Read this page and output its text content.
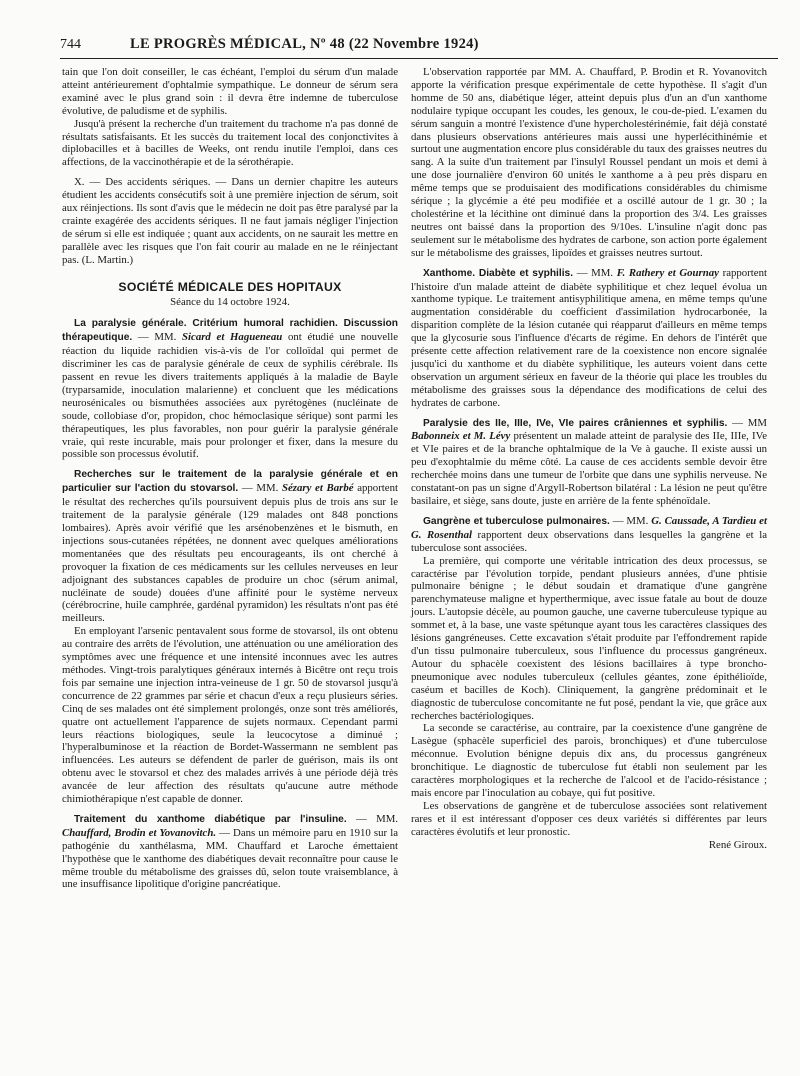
744	LE PROGRÈS MÉDICAL, Nº 48 (22 Novembre 1924)

tain que l'on doit conseiller, le cas échéant, l'emploi du sérum d'un malade atteint antérieurement d'ophtalmie sympathique. Le donneur de sérum sera examiné avec le plus grand soin : il devra être indemne de tuberculose évolutive, de paludisme et de syphilis.

Jusqu'à présent la recherche d'un traitement du trachome n'a pas donné de résultats satisfaisants. Et les succès du traitement local des conjonctivites à diplobacilles et à bacilles de Weeks, ont rendu inutile l'emploi, dans ces affections, de la vaccinothérapie et de la sérothérapie.

X. — Des accidents sériques. — Dans un dernier chapitre les auteurs étudient les accidents consécutifs soit à une première injection de sérum, soit aux réinjections. Ils sont d'avis que le médecin ne doit pas être paralysé par la crainte exagérée des accidents sériques. Il ne faut jamais négliger l'injection de sérum si elle est indiquée ; quant aux accidents, on ne saurait les mettre en parallèle avec les risques que l'on fait courir au malade en ne le réinjectant pas. (L. Martin.)

SOCIÉTÉ MÉDICALE DES HOPITAUX
Séance du 14 octobre 1924.

La paralysie générale. Critérium humoral rachidien. Discussion thérapeutique. — MM. Sicard et Hagueneau ont étudié une nouvelle réaction du liquide rachidien vis-à-vis de l'or colloïdal qui permet de discriminer les cas de paralysie générale de ceux de syphilis cérébrale. Ils passent en revue les divers traitements appliqués à la maladie de Bayle (tryparsamide, inoculation malarienne) et concluent que les médications neurosénicales ou bismuthées associées aux pyrétogènes (nucléinate de soude, collobiase d'or, propidon, choc hémoclasique sérique) sont parmi les thérapeutiques, les plus favorables, non pour guérir la paralysie générale vraie, qui reste incurable, mais pour prolonger et fixer, dans la mesure du possible son processus évolutif.

Recherches sur le traitement de la paralysie générale et en particulier sur l'action du stovarsol. — MM. Sézary et Barbé apportent le résultat des recherches qu'ils poursuivent depuis plus de trois ans sur le traitement de la paralysie générale (129 malades ont 848 ponctions lombaires). Après avoir vérifié que les arsénobenzènes et le bismuth, en injections sous-cutanées répétées, ne donnent avec quelques améliorations momentanées que des résultats peu encourageants, ils ont cherché à provoquer la fixation de ces médicaments sur les cellules nerveuses en leur adjoignant des substances capables de produire un choc (sérum animal, nucléinate de soude) douées d'une affinité pour le système nerveux (cérébrocrine, huile camphrée, gardénal pyramidon) les résultats n'ont pas été meilleurs.

En employant l'arsenic pentavalent sous forme de stovarsol, ils ont obtenu au contraire des arrêts de l'évolution, une atténuation ou une amélioration des symptômes avec une fréquence et une intensité inconnues avec les autres méthodes. Vingt-trois paralytiques généraux internés à Bicêtre ont reçu trois fois par semaine une injection intra-veineuse de 1 gr. 50 de stovarsol jusqu'à concurrence de 22 grammes par série et chacun d'eux a reçu plusieurs séries. Cinq de ses malades ont été simplement prolongés, onze sont très améliorés, quatre ont actuellement l'apparence de sujets normaux. Cependant parmi leurs réactions biologiques, seule la leucocytose a diminué ; l'hyperalbuminose et la réaction de Bordet-Wassermann ne semblent pas influencées. Les auteurs se défendent de parler de guérison, mais ils ont obtenu avec le stovarsol et chez des malades arrivés à une période déjà très avancée de leur affection des résultats qu'aucune autre méthode chimiothérapique n'est capable de donner.

Traitement du xanthome diabétique par l'insuline. — MM. Chauffard, Brodin et Yovanovitch. — Dans un mémoire paru en 1910 sur la pathogénie du xanthélasma, MM. Chauffard et Laroche émettaient l'hypothèse que le xanthome des diabétiques devait reconnaître pour cause le même trouble du métabolisme des graisses dû, selon toute vraisemblance, à une insuffisance lipolitique d'origine pancréatique.

L'observation rapportée par MM. A. Chauffard, P. Brodin et R. Yovanovitch apporte la vérification presque expérimentale de cette hypothèse. Il s'agit d'un homme de 50 ans, diabétique léger, atteint depuis plus d'un an d'un xanthome nodulaire typique occupant les coudes, les genoux, le cou-de-pied. L'examen du sérum sanguin a montré l'existence d'une hypercholestérinémie, fait déjà constaté dans plusieurs observations antérieures mais aussi une hyperlécithinémie et surtout une augmentation encore plus considérable du taux des graisses neutres du sang. A la suite d'un traitement par l'insulyl Roussel pendant un mois et demi à une dose journalière d'environ 60 unités le xanthome a à peu près disparu en même temps que se produisaient des modifications considérables du chimisme sérique ; la glycémie a été peu modifiée et a oscillé autour de 1 gr. 30 ; la cholestérine et la lécithine ont diminué dans la proportion des 3/4. Les graisses neutres ont baissé dans la proportion des 9/10es. L'insuline n'agit donc pas seulement sur le métabolisme des hydrates de carbone, son action porte également sur le métabolisme des graisses, lipoïdes et graisses neutres surtout.

Xanthome. Diabète et syphilis. — MM. F. Rathery et Gournay rapportent l'histoire d'un malade atteint de diabète syphilitique et chez lequel évolua un xanthome typique. Le traitement antisyphilitique amena, en même temps qu'une augmentation considérable du coefficient d'assimilation hydrocarbonée, la disparition complète de la lésion cutanée qui réapparut d'ailleurs en même temps que la glycosurie sous l'influence d'écarts de régime. En dehors de l'intérêt que présente cette affection relativement rare de la coexistence non encore signalée jusqu'ici du xanthome et du diabète syphilitique, les auteurs voient dans cette observation un argument sérieux en faveur de la théorie qui place les troubles du métabolisme des graisses sous la dépendance des modifications de celui des hydrates de carbone.

Paralysie des IIe, IIIe, IVe, VIe paires crâniennes et syphilis. — MM Babonneix et M. Lévy présentent un malade atteint de paralysie des IIe, IIIe, IVe et VIe paires et de la branche ophtalmique de la Ve à gauche. Il existe aussi un peu d'exophtalmie du même côté. La cause de ces accidents semble devoir être recherchée moins dans une tumeur de l'orbite que dans une syphilis nerveuse. Ne constatant-on pas un signe d'Argyll-Robertson bilatéral : La lésion ne peut qu'être basilaire, et siège, sans doute, juste en arrière de la fente sphénoïdale.

Gangrène et tuberculose pulmonaires. — MM. G. Caussade, A Tardieu et G. Rosenthal rapportent deux observations dans lesquelles la gangrène et la tuberculose sont associées.

La première, qui comporte une véritable intrication des deux processus, se caractérise par l'évolution torpide, pendant plusieurs années, d'une phtisie pulmonaire bénigne ; le début soudain et dramatique d'une gangrène parenchymateuse maligne et hyperthermique, avec issue fatale au bout de douze jours. L'autopsie décèle, au poumon gauche, une caverne tuberculeuse typique au sommet et, à la base, une vaste spétunque ayant tous les caractères classiques des lésions gangréneuses. Cette excavation s'était produite par l'effondrement rapide d'un tissu pulmonaire tuberculeux, sous l'influence du processus gangréneux. Autour du sphacèle coexistent des lésions bacillaires à type broncho-pneumonique avec nodules tuberculeux (cellules géantes, zone épithélioïde, caséum et bacilles de Koch). Cliniquement, la gangrène prédominait et le diagnostic de tuberculose concomitante ne fut posé, pendant la vie, que grâce aux recherches bactériologiques.

La seconde se caractérise, au contraire, par la coexistence d'une gangrène de Lasègue (sphacèle superficiel des parois, bronchiques) et d'une tuberculose méconnue. Evolution bénigne depuis dix ans, du processus gangréneux bronchitique. Le diagnostic de tuberculose fut établi non seulement par les caractères morphologiques et la recherche de l'alcool et de l'acido-résistance ; mais encore par l'inoculation au cobaye, qui fut positive.

Les observations de gangrène et de tuberculose associées sont relativement rares et il est intéressant d'opposer ces deux variétés si différentes par leurs caractères évolutifs et leur pronostic.

René Giroux.
